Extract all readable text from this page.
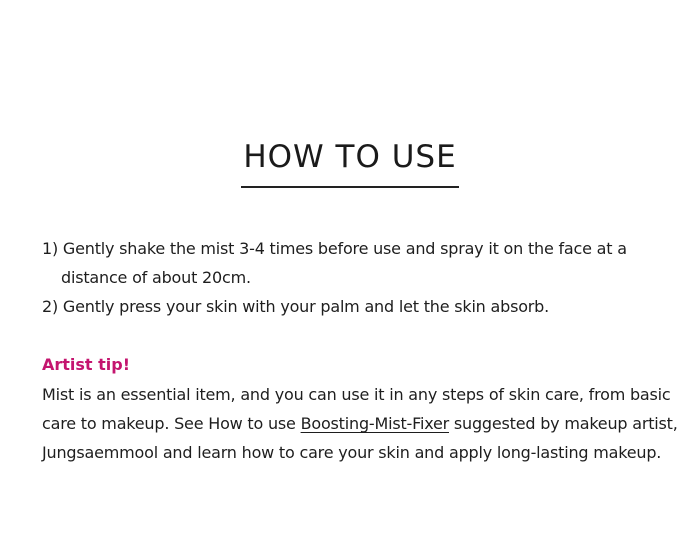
HOW TO USE

1) Gently shake the mist 3-4 times before use and spray it on the face at a distance of about 20cm.

2) Gently press your skin with your palm and let the skin absorb.

Artist tip!
Mist is an essential item, and you can use it in any steps of skin care, from basic care to makeup. See How to use Boosting-Mist-Fixer suggested by makeup artist, Jungsaemmool and learn how to care your skin and apply long-lasting makeup.
